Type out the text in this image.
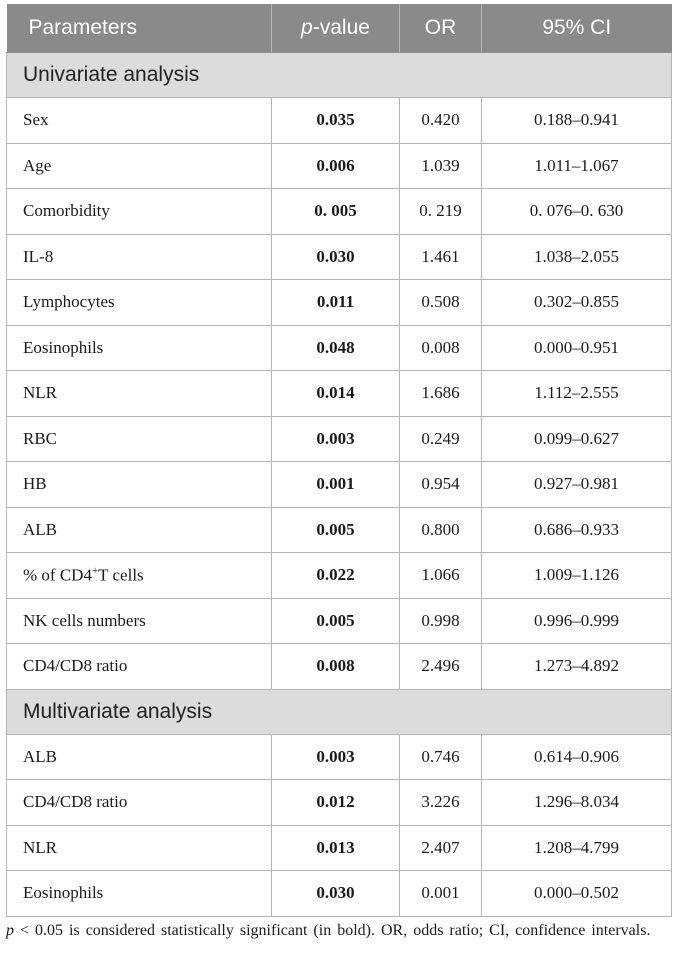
Parameters	p-value	OR	95% CI
Univariate analysis			
Sex	0.035	0.420	0.188–0.941
Age	0.006	1.039	1.011–1.067
Comorbidity	0. 005	0. 219	0. 076–0. 630
IL-8	0.030	1.461	1.038–2.055
Lymphocytes	0.011	0.508	0.302–0.855
Eosinophils	0.048	0.008	0.000–0.951
NLR	0.014	1.686	1.112–2.555
RBC	0.003	0.249	0.099–0.627
HB	0.001	0.954	0.927–0.981
ALB	0.005	0.800	0.686–0.933
% of CD4+T cells	0.022	1.066	1.009–1.126
NK cells numbers	0.005	0.998	0.996–0.999
CD4/CD8 ratio	0.008	2.496	1.273–4.892
Multivariate analysis			
ALB	0.003	0.746	0.614–0.906
CD4/CD8 ratio	0.012	3.226	1.296–8.034
NLR	0.013	2.407	1.208–4.799
Eosinophils	0.030	0.001	0.000–0.502
p < 0.05 is considered statistically significant (in bold). OR, odds ratio; CI, confidence intervals.
